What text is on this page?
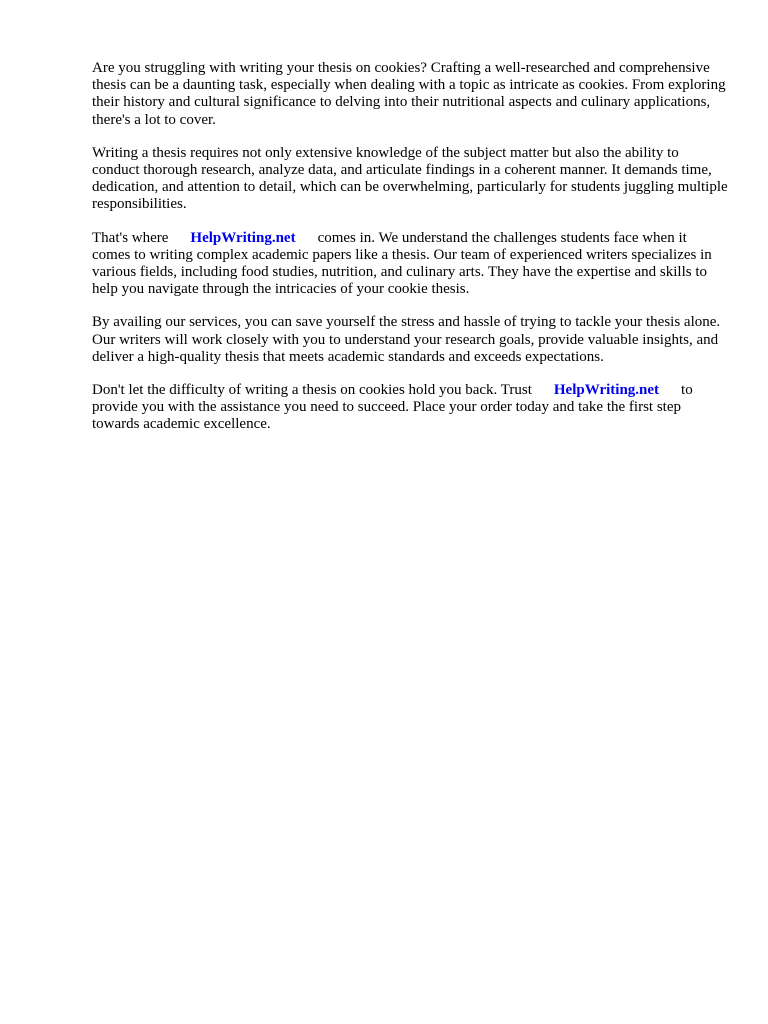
Are you struggling with writing your thesis on cookies? Crafting a well-researched and comprehensive thesis can be a daunting task, especially when dealing with a topic as intricate as cookies. From exploring their history and cultural significance to delving into their nutritional aspects and culinary applications, there's a lot to cover.

Writing a thesis requires not only extensive knowledge of the subject matter but also the ability to conduct thorough research, analyze data, and articulate findings in a coherent manner. It demands time, dedication, and attention to detail, which can be overwhelming, particularly for students juggling multiple responsibilities.

That's where HelpWriting.net comes in. We understand the challenges students face when it comes to writing complex academic papers like a thesis. Our team of experienced writers specializes in various fields, including food studies, nutrition, and culinary arts. They have the expertise and skills to help you navigate through the intricacies of your cookie thesis.

By availing our services, you can save yourself the stress and hassle of trying to tackle your thesis alone. Our writers will work closely with you to understand your research goals, provide valuable insights, and deliver a high-quality thesis that meets academic standards and exceeds expectations.

Don't let the difficulty of writing a thesis on cookies hold you back. Trust HelpWriting.net to provide you with the assistance you need to succeed. Place your order today and take the first step towards academic excellence.
